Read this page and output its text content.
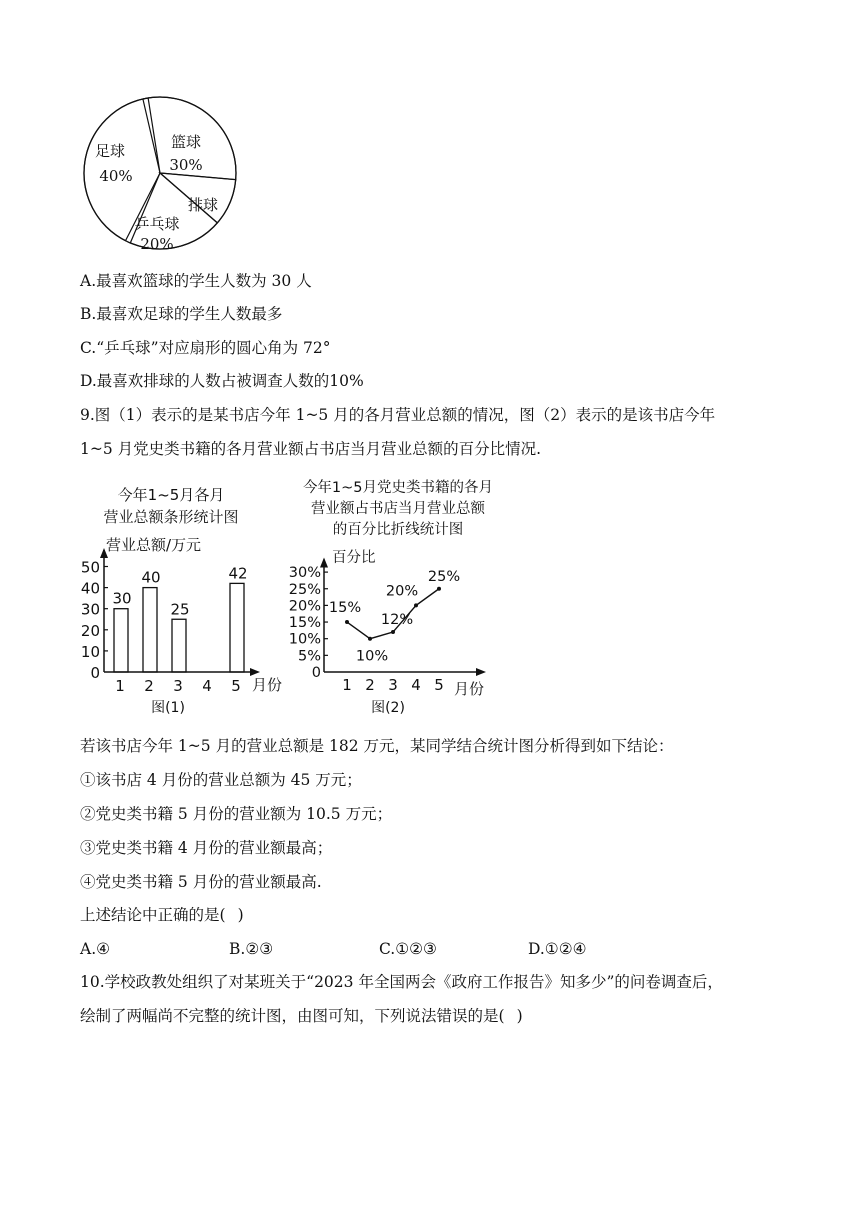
足球
40%
篮球
30%
排球
乒乓球
20%
A.最喜欢篮球的学生人数为 30 人
B.最喜欢足球的学生人数最多
C.“乒乓球”对应扇形的圆心角为 72°
D.最喜欢排球的人数占被调查人数的10%
9.图（1）表示的是某书店今年 1~5 月的各月营业总额的情况，图（2）表示的是该书店今年
1~5 月党史类书籍的各月营业额占书店当月营业总额的百分比情况.
今年1~5月各月
营业总额条形统计图
营业总额/万元
月份
图(1)
0
10
20
30
40
50
1
30
2
40
3
25
4 5
42
今年1~5月党史类书籍的各月
营业额占书店当月营业总额
的百分比折线统计图
百分比
月份
图(2)
0
5%
10%
15%
20%
25%
30%
1 2 3 4 5
15%
10%
12%
20%
25%
若该书店今年 1~5 月的营业总额是 182 万元，某同学结合统计图分析得到如下结论：
①该书店 4 月份的营业总额为 45 万元；
②党史类书籍 5 月份的营业额为 10.5 万元；
③党史类书籍 4 月份的营业额最高；
④党史类书籍 5 月份的营业额最高.
上述结论中正确的是( )
A.④	B.②③	C.①②③	D.①②④
10.学校政教处组织了对某班关于“2023 年全国两会《政府工作报告》知多少”的问卷调查后，
绘制了两幅尚不完整的统计图，由图可知，下列说法错误的是( )
